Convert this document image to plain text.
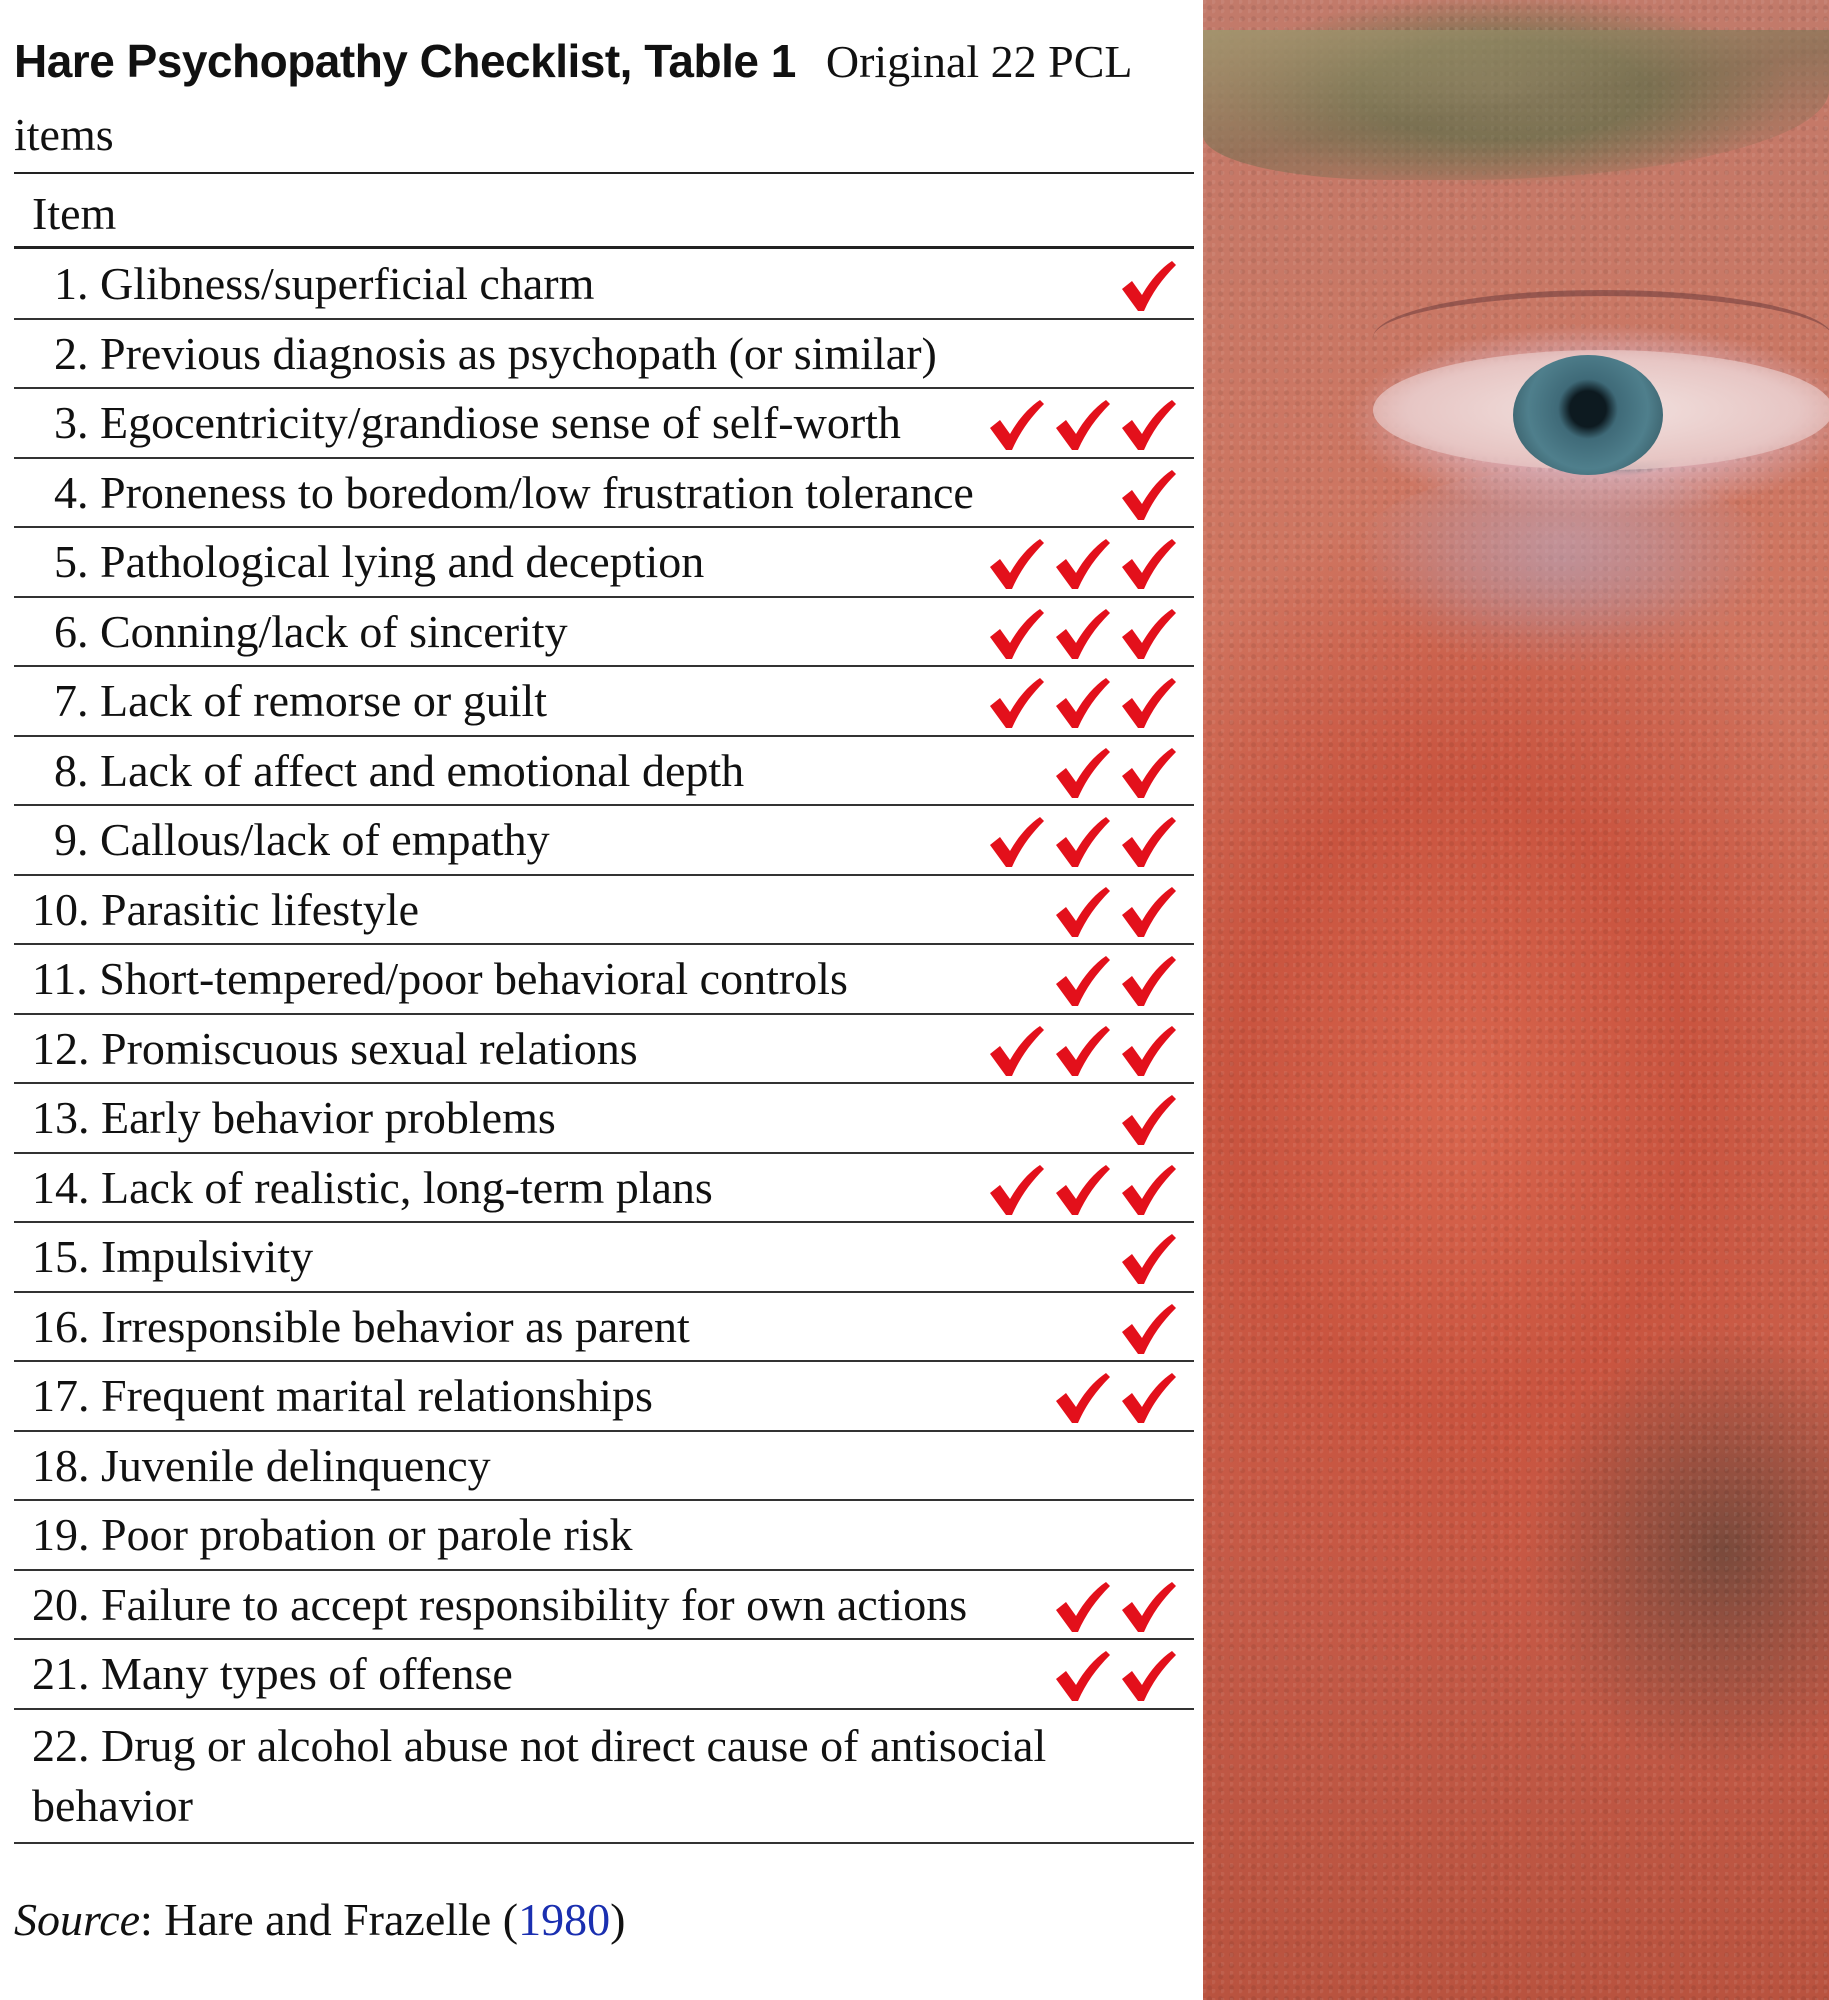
Hare Psychopathy Checklist, Table 1 Original 22 PCL
items
Item
1. Glibness/superficial charm
2. Previous diagnosis as psychopath (or similar)
3. Egocentricity/grandiose sense of self-worth
4. Proneness to boredom/low frustration tolerance
5. Pathological lying and deception
6. Conning/lack of sincerity
7. Lack of remorse or guilt
8. Lack of affect and emotional depth
9. Callous/lack of empathy
10. Parasitic lifestyle
11. Short-tempered/poor behavioral controls
12. Promiscuous sexual relations
13. Early behavior problems
14. Lack of realistic, long-term plans
15. Impulsivity
16. Irresponsible behavior as parent
17. Frequent marital relationships
18. Juvenile delinquency
19. Poor probation or parole risk
20. Failure to accept responsibility for own actions
21. Many types of offense
22. Drug or alcohol abuse not direct cause of antisocial behavior
Source: Hare and Frazelle (1980)
